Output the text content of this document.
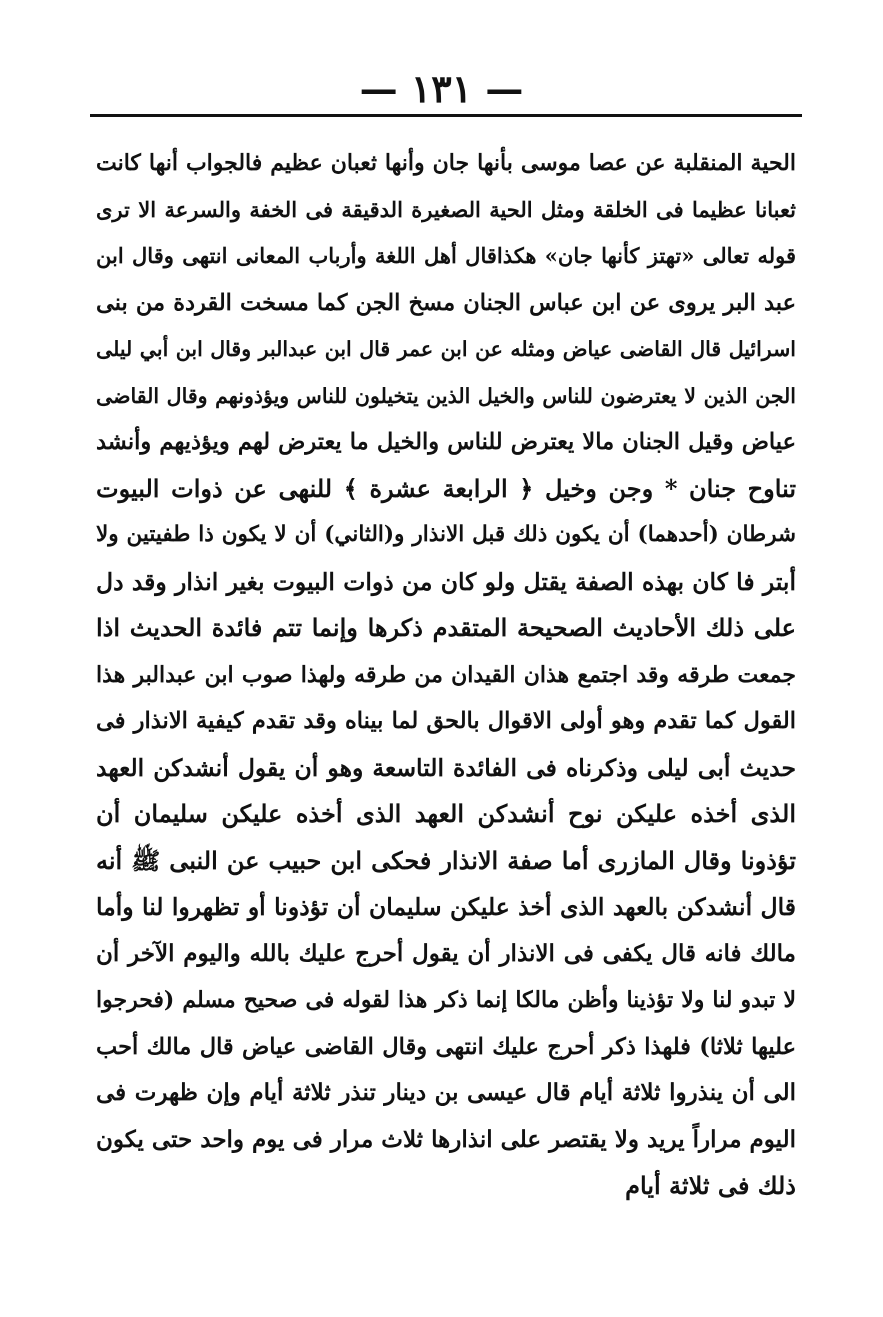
— ١٣١ —
الحية المنقلبة عن عصا موسى بأنها جان وأنها ثعبان عظيم فالجواب أنها كانت
ثعبانا عظيما فى الخلقة ومثل الحية الصغيرة الدقيقة فى الخفة والسرعة الا ترى
قوله تعالى «تهتز كأنها جان» هكذاقال أهل اللغة وأرباب المعانى انتهى وقال ابن
عبد البر يروى عن ابن عباس الجنان مسخ الجن كما مسخت القردة من بنى
اسرائيل قال القاضى عياض ومثله عن ابن عمر قال ابن عبدالبر وقال ابن أبي ليلى
الجن الذين لا يعترضون للناس والخيل الذين يتخيلون للناس ويؤذونهم وقال القاضى
عياض وقيل الجنان مالا يعترض للناس والخيل ما يعترض لهم ويؤذيهم وأنشد
تناوح جنان * وجن وخيل ﴿ الرابعة عشرة ﴾ للنهى عن ذوات البيوت
شرطان (أحدهما) أن يكون ذلك قبل الانذار و(الثاني) أن لا يكون ذا طفيتين ولا
أبتر فا كان بهذه الصفة يقتل ولو كان من ذوات البيوت بغير انذار وقد دل
على ذلك الأحاديث الصحيحة المتقدم ذكرها وإنما تتم فائدة الحديث اذا
جمعت طرقه وقد اجتمع هذان القيدان من طرقه ولهذا صوب ابن عبدالبر هذا
القول كما تقدم وهو أولى الاقوال بالحق لما بيناه وقد تقدم كيفية الانذار فى
حديث أبى ليلى وذكرناه فى الفائدة التاسعة وهو أن يقول أنشدكن العهد
الذى أخذه عليكن نوح أنشدكن العهد الذى أخذه عليكن سليمان أن
تؤذونا وقال المازرى أما صفة الانذار فحكى ابن حبيب عن النبى ﷺ أنه
قال أنشدكن بالعهد الذى أخذ عليكن سليمان أن تؤذونا أو تظهروا لنا وأما
مالك فانه قال يكفى فى الانذار أن يقول أحرج عليك بالله واليوم الآخر أن
لا تبدو لنا ولا تؤذينا وأظن مالكا إنما ذكر هذا لقوله فى صحيح مسلم (فحرجوا
عليها ثلاثا) فلهذا ذكر أحرج عليك انتهى وقال القاضى عياض قال مالك أحب
الى أن ينذروا ثلاثة أيام قال عيسى بن دينار تنذر ثلاثة أيام وإن ظهرت فى
اليوم مراراً يريد ولا يقتصر على انذارها ثلاث مرار فى يوم واحد حتى يكون
ذلك فى ثلاثة أيام
